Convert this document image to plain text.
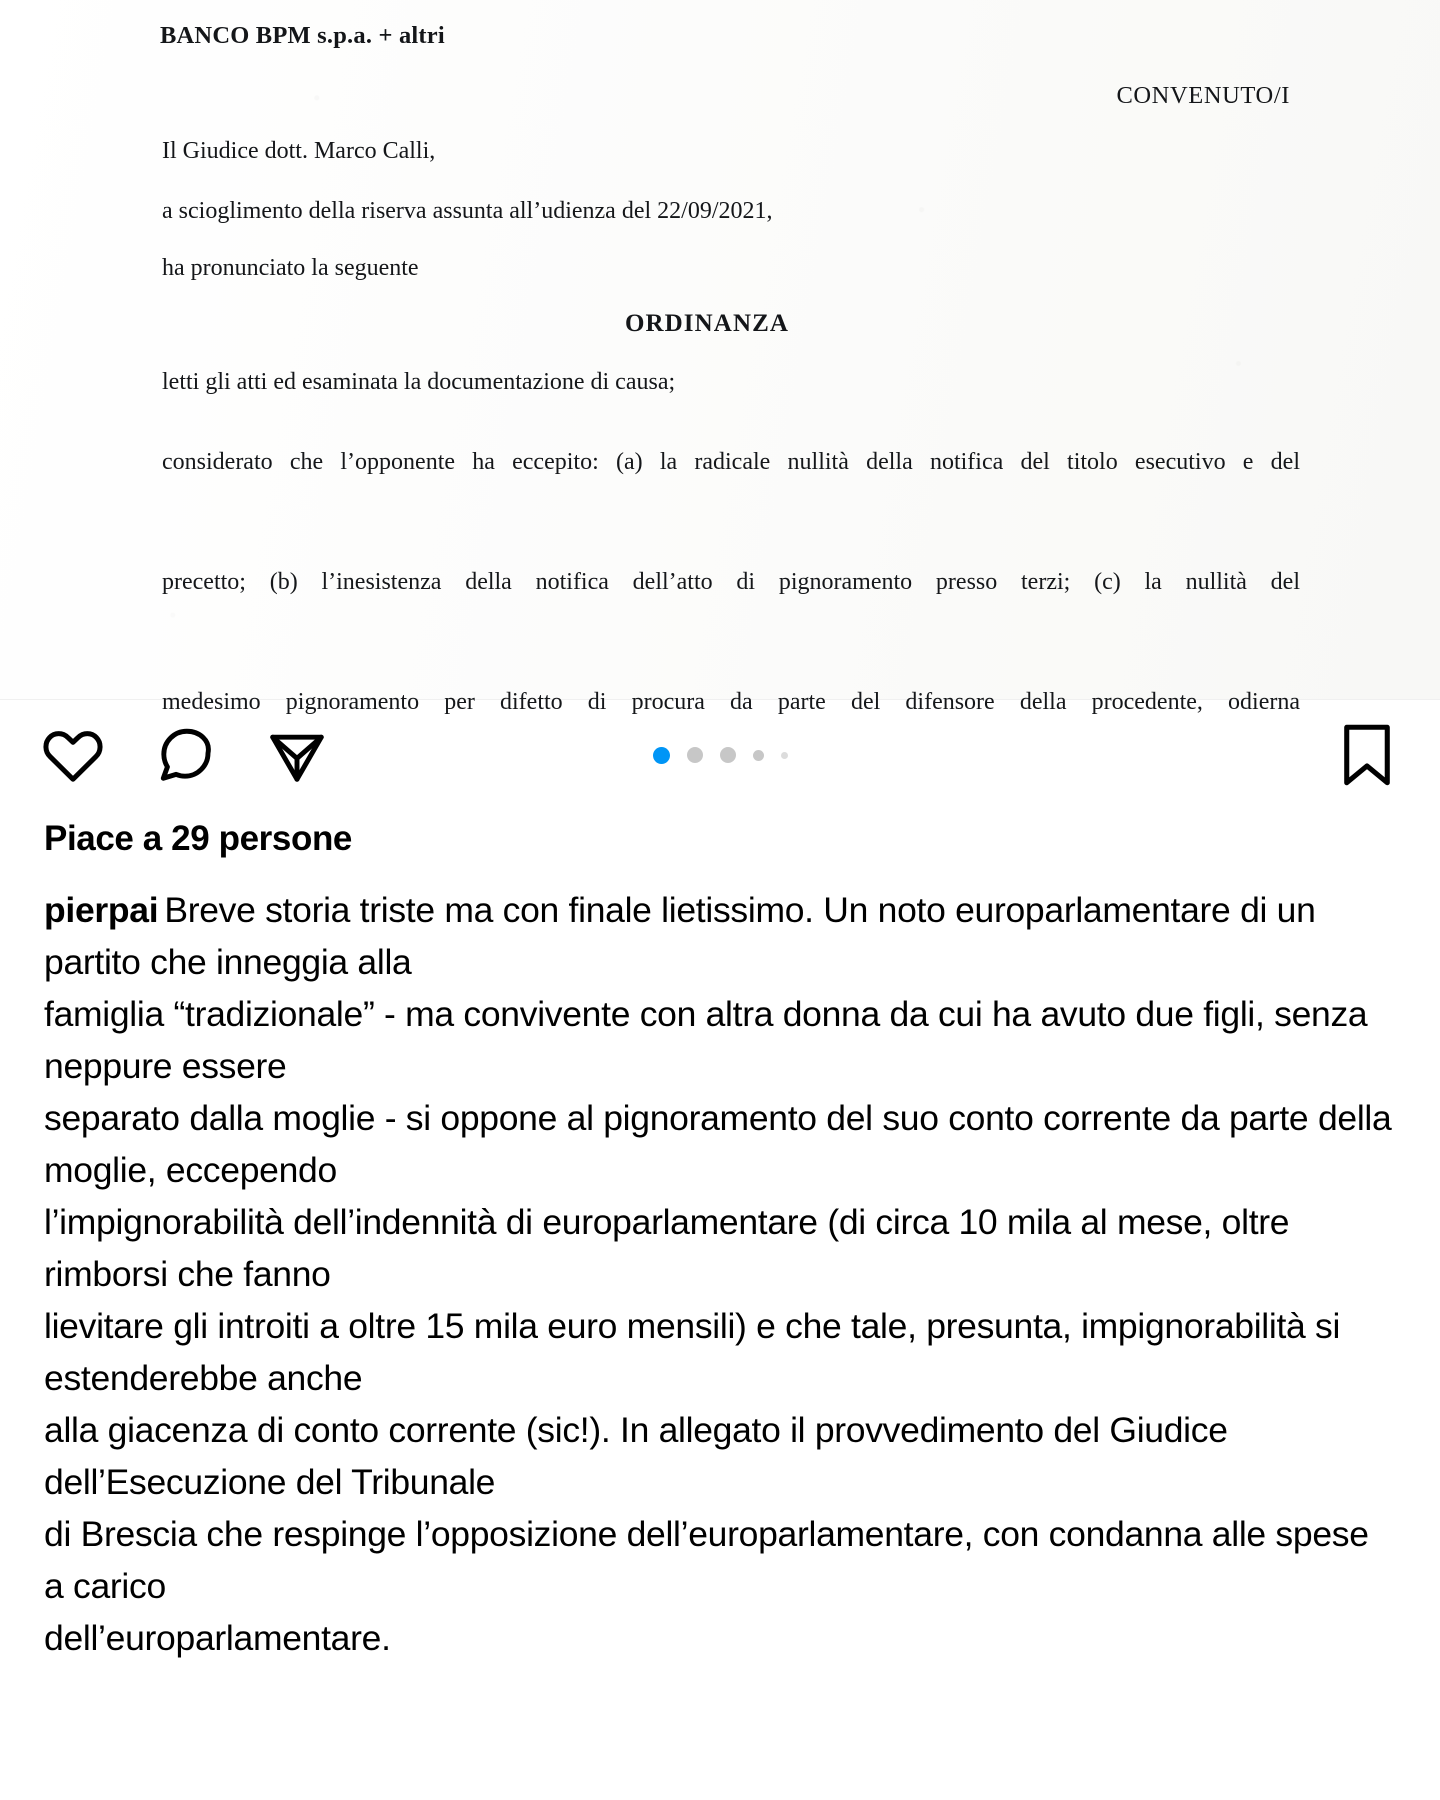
BANCO BPM s.p.a. + altri
CONVENUTO/I
Il Giudice dott. Marco Calli,
a scioglimento della riserva assunta all’udienza del 22/09/2021,
ha pronunciato la seguente
ORDINANZA
letti gli atti ed esaminata la documentazione di causa;
considerato che l’opponente ha eccepito: (a) la radicale nullità della notifica del titolo esecutivo e del
precetto; (b) l’inesistenza della notifica dell’atto di pignoramento presso terzi; (c) la nullità del
medesimo pignoramento per difetto di procura da parte del difensore della procedente, odierna
Piace a 29 persone
pierpai Breve storia triste ma con finale lietissimo. Un noto europarlamentare di un partito che inneggia alla
famiglia “tradizionale” - ma convivente con altra donna da cui ha avuto due figli, senza neppure essere
separato dalla moglie - si oppone al pignoramento del suo conto corrente da parte della moglie, eccependo
l’impignorabilità dell’indennità di europarlamentare (di circa 10 mila al mese, oltre rimborsi che fanno
lievitare gli introiti a oltre 15 mila euro mensili) e che tale, presunta, impignorabilità si estenderebbe anche
alla giacenza di conto corrente (sic!). In allegato il provvedimento del Giudice dell’Esecuzione del Tribunale
di Brescia che respinge l’opposizione dell’europarlamentare, con condanna alle spese a carico
dell’europarlamentare.
